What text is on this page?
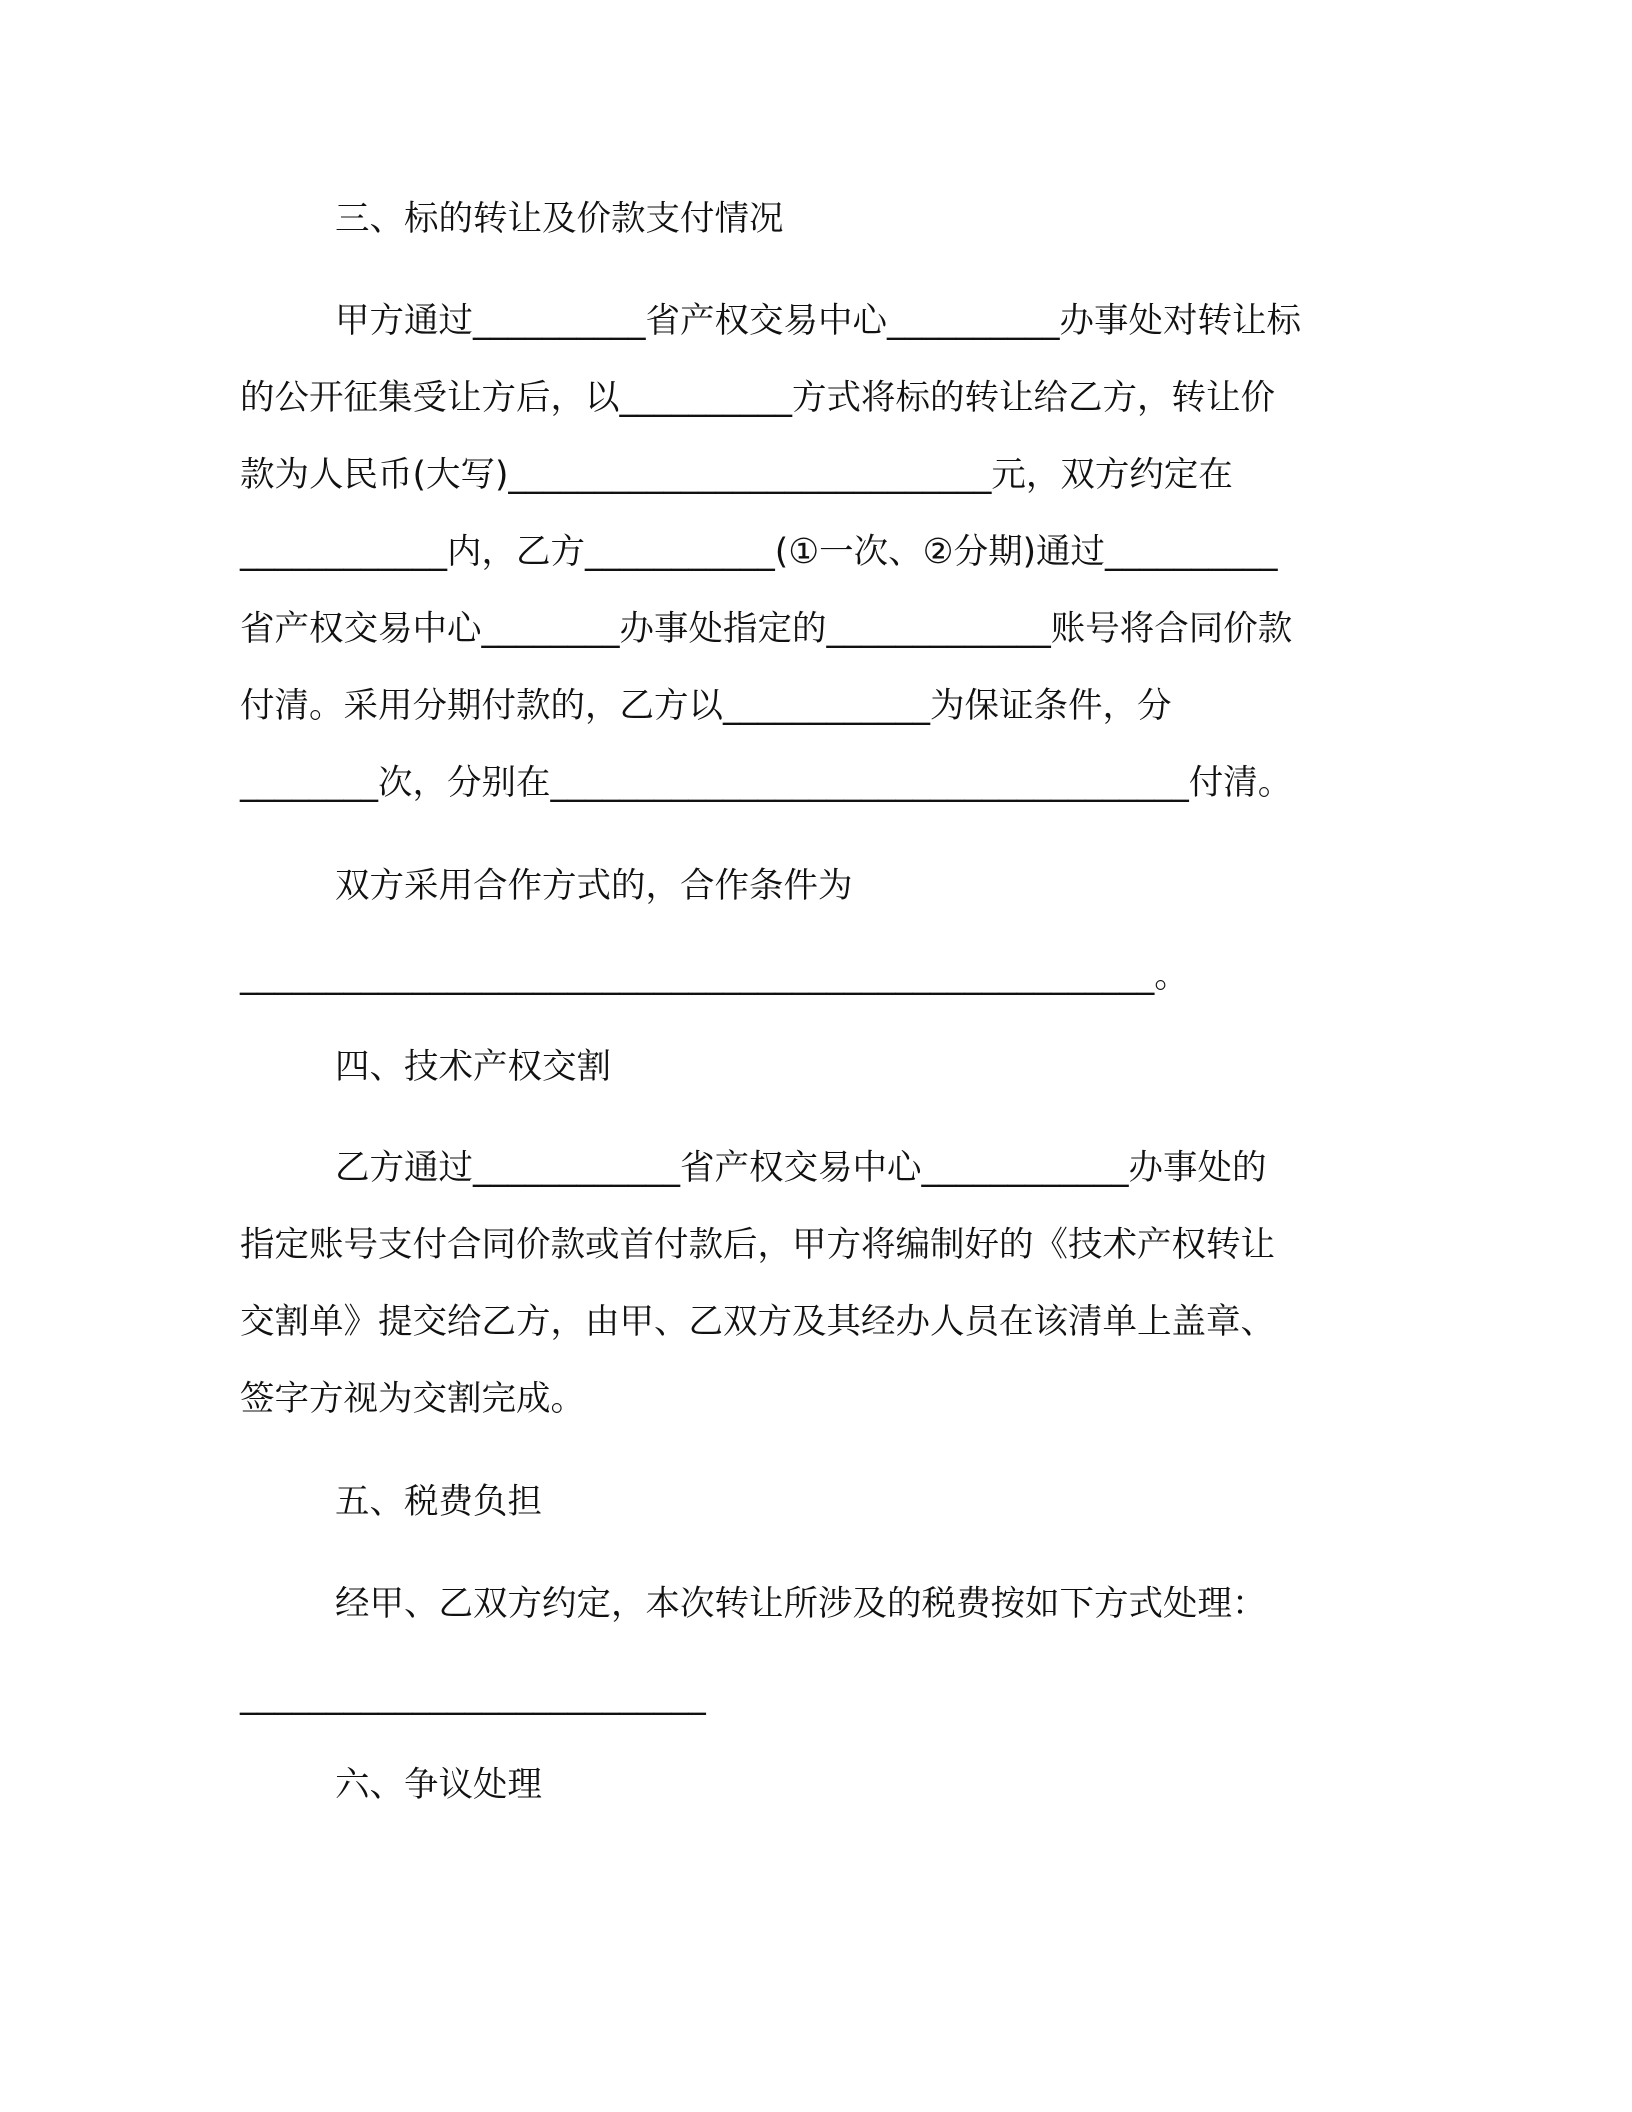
三、标的转让及价款支付情况
甲方通过__________省产权交易中心__________办事处对转让标
的公开征集受让方后，以__________方式将标的转让给乙方，转让价
款为人民币(大写)____________________________元，双方约定在
____________内，乙方___________(①一次、②分期)通过__________
省产权交易中心________办事处指定的_____________账号将合同价款
付清。采用分期付款的，乙方以____________为保证条件，分
________次，分别在_____________________________________付清。
双方采用合作方式的，合作条件为
_____________________________________________________。
四、技术产权交割
乙方通过____________省产权交易中心____________办事处的
指定账号支付合同价款或首付款后，甲方将编制好的《技术产权转让
交割单》提交给乙方，由甲、乙双方及其经办人员在该清单上盖章、
签字方视为交割完成。
五、税费负担
经甲、乙双方约定，本次转让所涉及的税费按如下方式处理：
___________________________
六、争议处理
